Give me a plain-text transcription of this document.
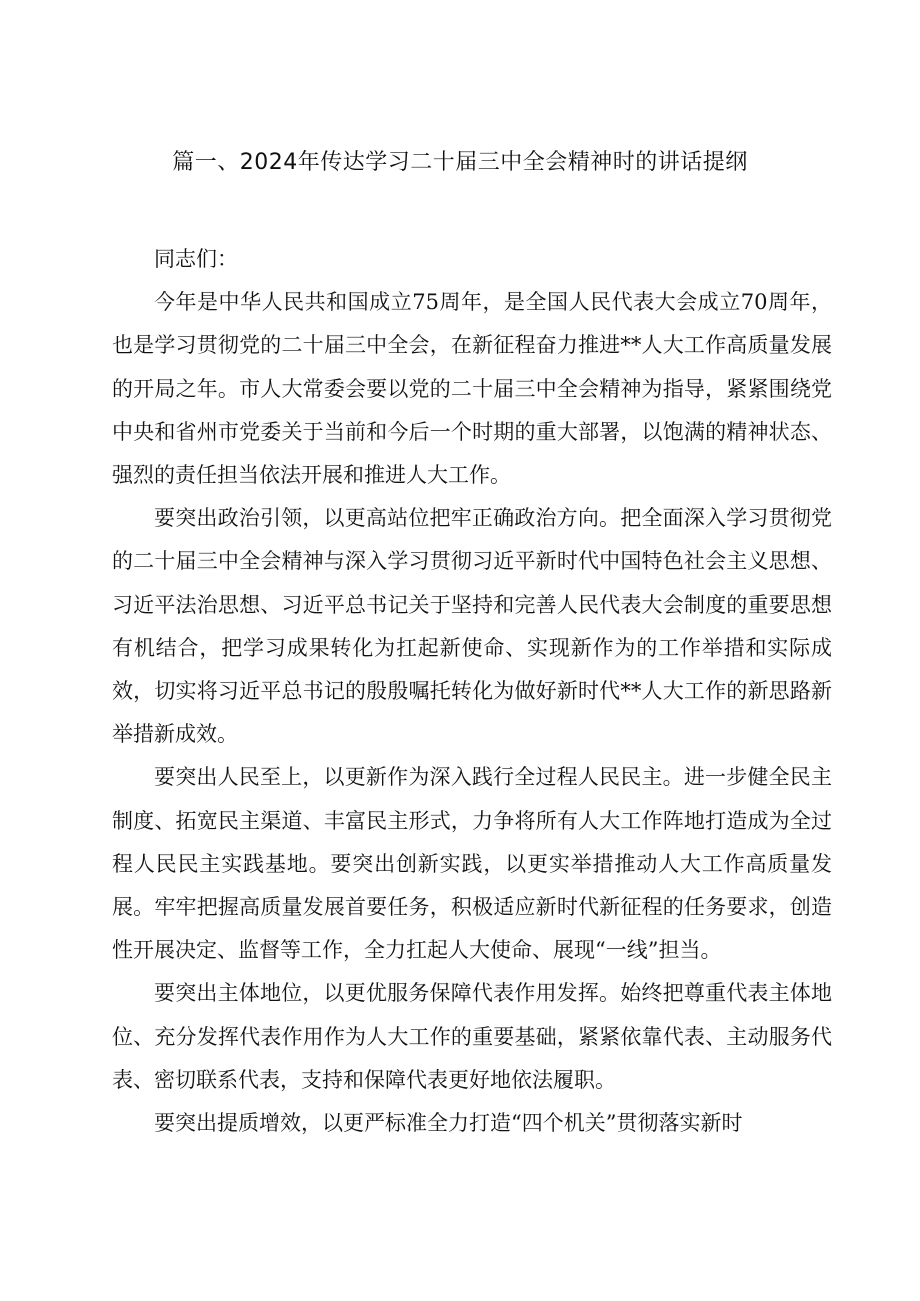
篇一、2024年传达学习二十届三中全会精神时的讲话提纲

同志们：

今年是中华人民共和国成立75周年，是全国人民代表大会成立70周年，也是学习贯彻党的二十届三中全会，在新征程奋力推进**人大工作高质量发展的开局之年。市人大常委会要以党的二十届三中全会精神为指导，紧紧围绕党中央和省州市党委关于当前和今后一个时期的重大部署，以饱满的精神状态、强烈的责任担当依法开展和推进人大工作。

要突出政治引领，以更高站位把牢正确政治方向。把全面深入学习贯彻党的二十届三中全会精神与深入学习贯彻习近平新时代中国特色社会主义思想、习近平法治思想、习近平总书记关于坚持和完善人民代表大会制度的重要思想有机结合，把学习成果转化为扛起新使命、实现新作为的工作举措和实际成效，切实将习近平总书记的殷殷嘱托转化为做好新时代**人大工作的新思路新举措新成效。

要突出人民至上，以更新作为深入践行全过程人民民主。进一步健全民主制度、拓宽民主渠道、丰富民主形式，力争将所有人大工作阵地打造成为全过程人民民主实践基地。要突出创新实践，以更实举措推动人大工作高质量发展。牢牢把握高质量发展首要任务，积极适应新时代新征程的任务要求，创造性开展决定、监督等工作，全力扛起人大使命、展现“一线”担当。

要突出主体地位，以更优服务保障代表作用发挥。始终把尊重代表主体地位、充分发挥代表作用作为人大工作的重要基础，紧紧依靠代表、主动服务代表、密切联系代表，支持和保障代表更好地依法履职。

要突出提质增效，以更严标准全力打造“四个机关”贯彻落实新时
